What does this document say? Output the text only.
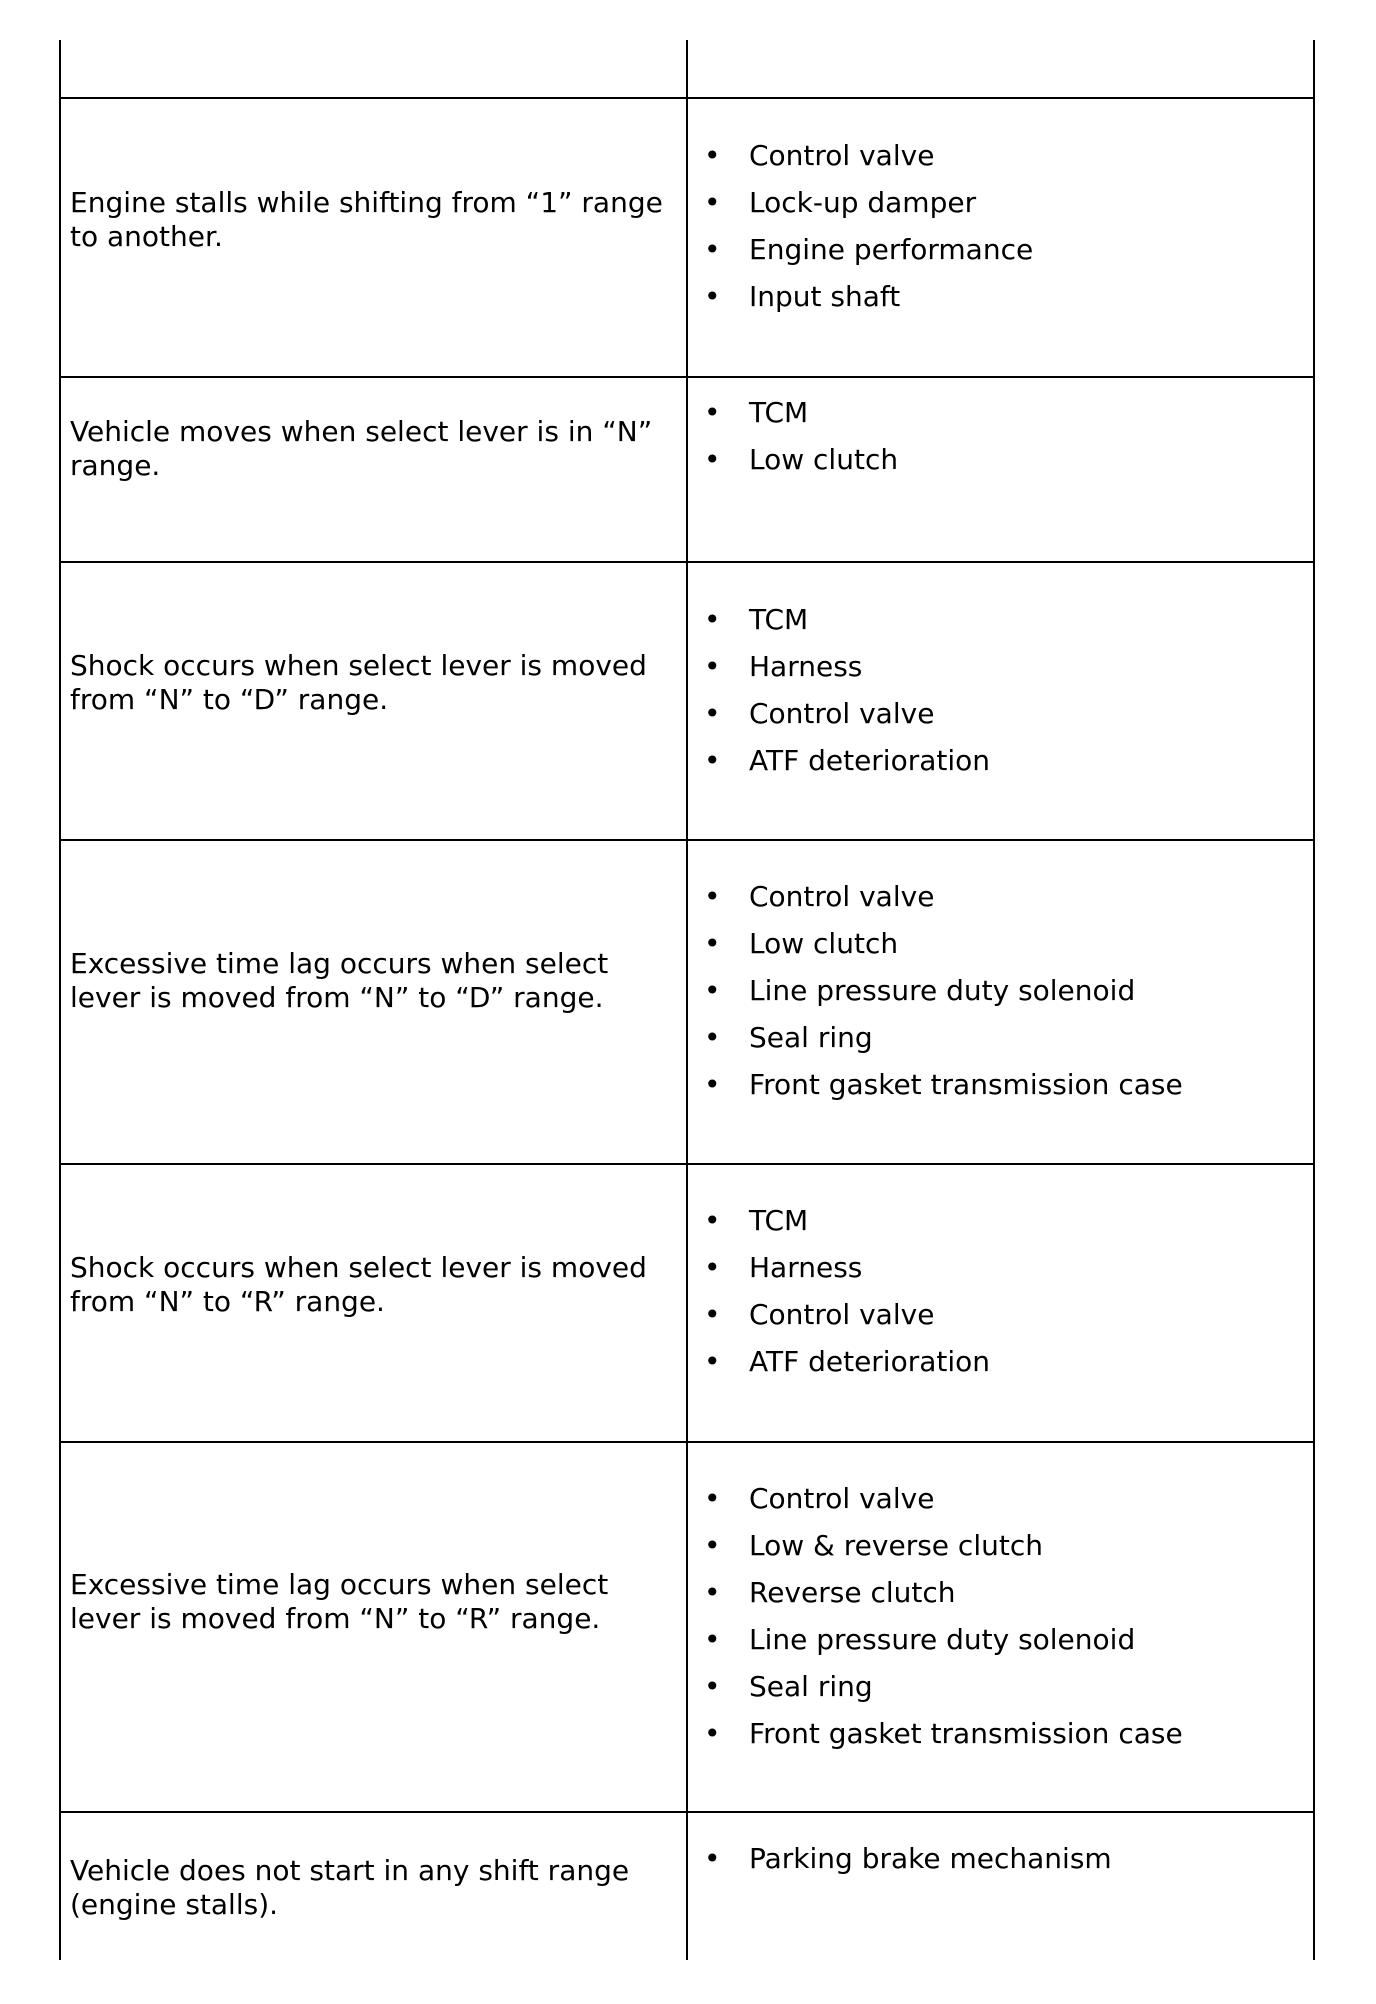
Engine stalls while shifting from “1” range to another.
• Control valve
• Lock-up damper
• Engine performance
• Input shaft
Vehicle moves when select lever is in “N” range.
• TCM
• Low clutch
Shock occurs when select lever is moved from “N” to “D” range.
• TCM
• Harness
• Control valve
• ATF deterioration
Excessive time lag occurs when select lever is moved from “N” to “D” range.
• Control valve
• Low clutch
• Line pressure duty solenoid
• Seal ring
• Front gasket transmission case
Shock occurs when select lever is moved from “N” to “R” range.
• TCM
• Harness
• Control valve
• ATF deterioration
Excessive time lag occurs when select lever is moved from “N” to “R” range.
• Control valve
• Low & reverse clutch
• Reverse clutch
• Line pressure duty solenoid
• Seal ring
• Front gasket transmission case
Vehicle does not start in any shift range (engine stalls).
• Parking brake mechanism
